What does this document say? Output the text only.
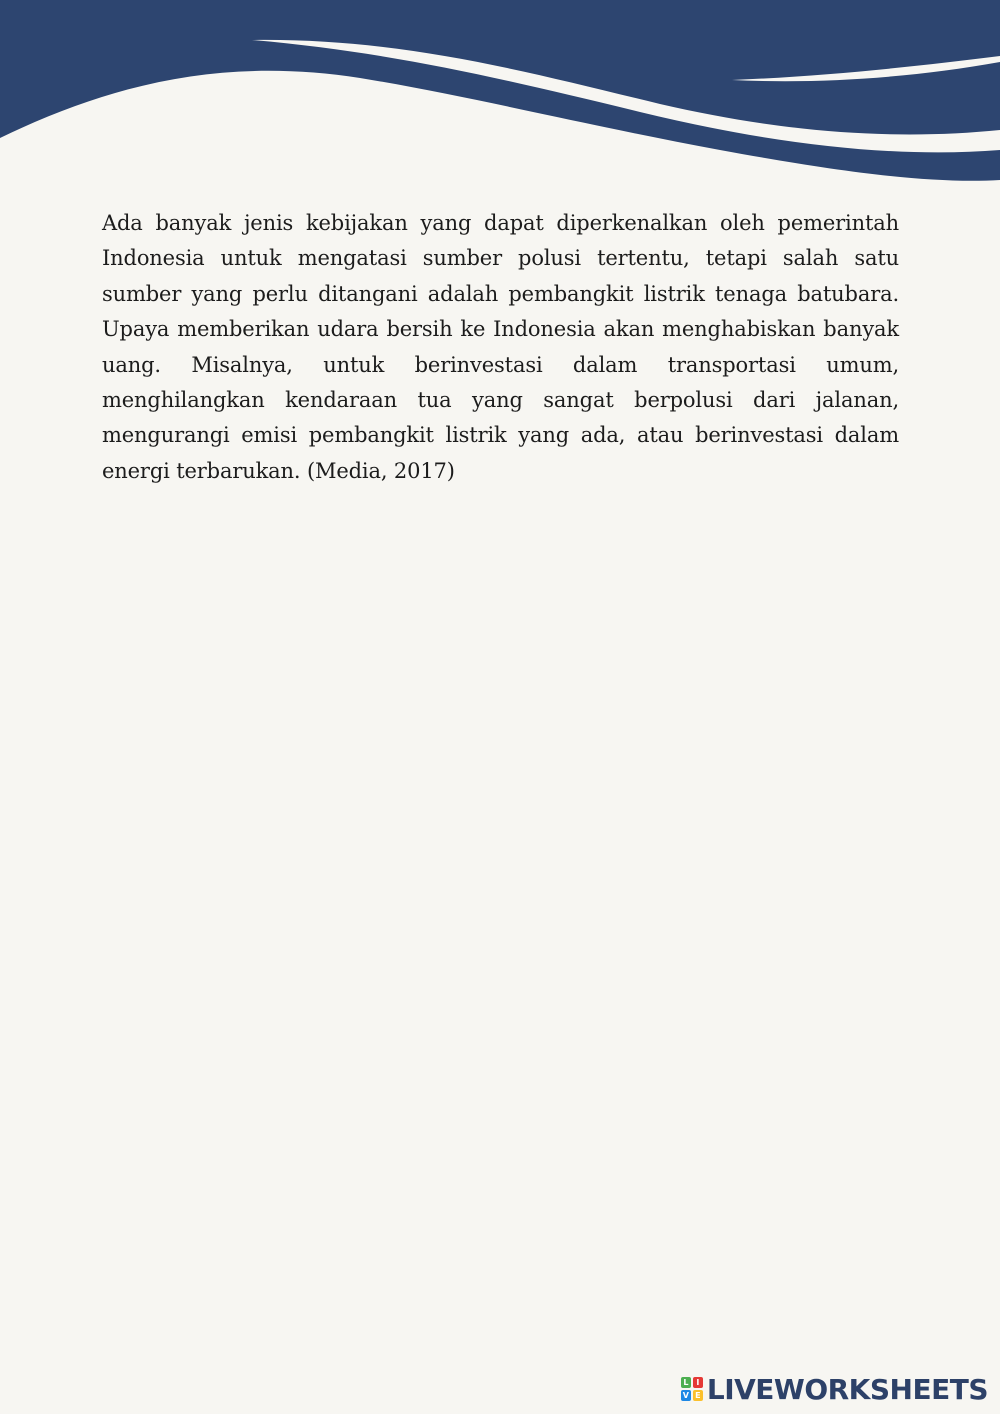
Ada banyak jenis kebijakan yang dapat diperkenalkan oleh pemerintah Indonesia untuk mengatasi sumber polusi tertentu, tetapi salah satu sumber yang perlu ditangani adalah pembangkit listrik tenaga batubara. Upaya memberikan udara bersih ke Indonesia akan menghabiskan banyak uang. Misalnya, untuk berinvestasi dalam transportasi umum, menghilangkan kendaraan tua yang sangat berpolusi dari jalanan, mengurangi emisi pembangkit listrik yang ada, atau berinvestasi dalam energi terbarukan. (Media, 2017)

L I
V E LIVEWORKSHEETS
